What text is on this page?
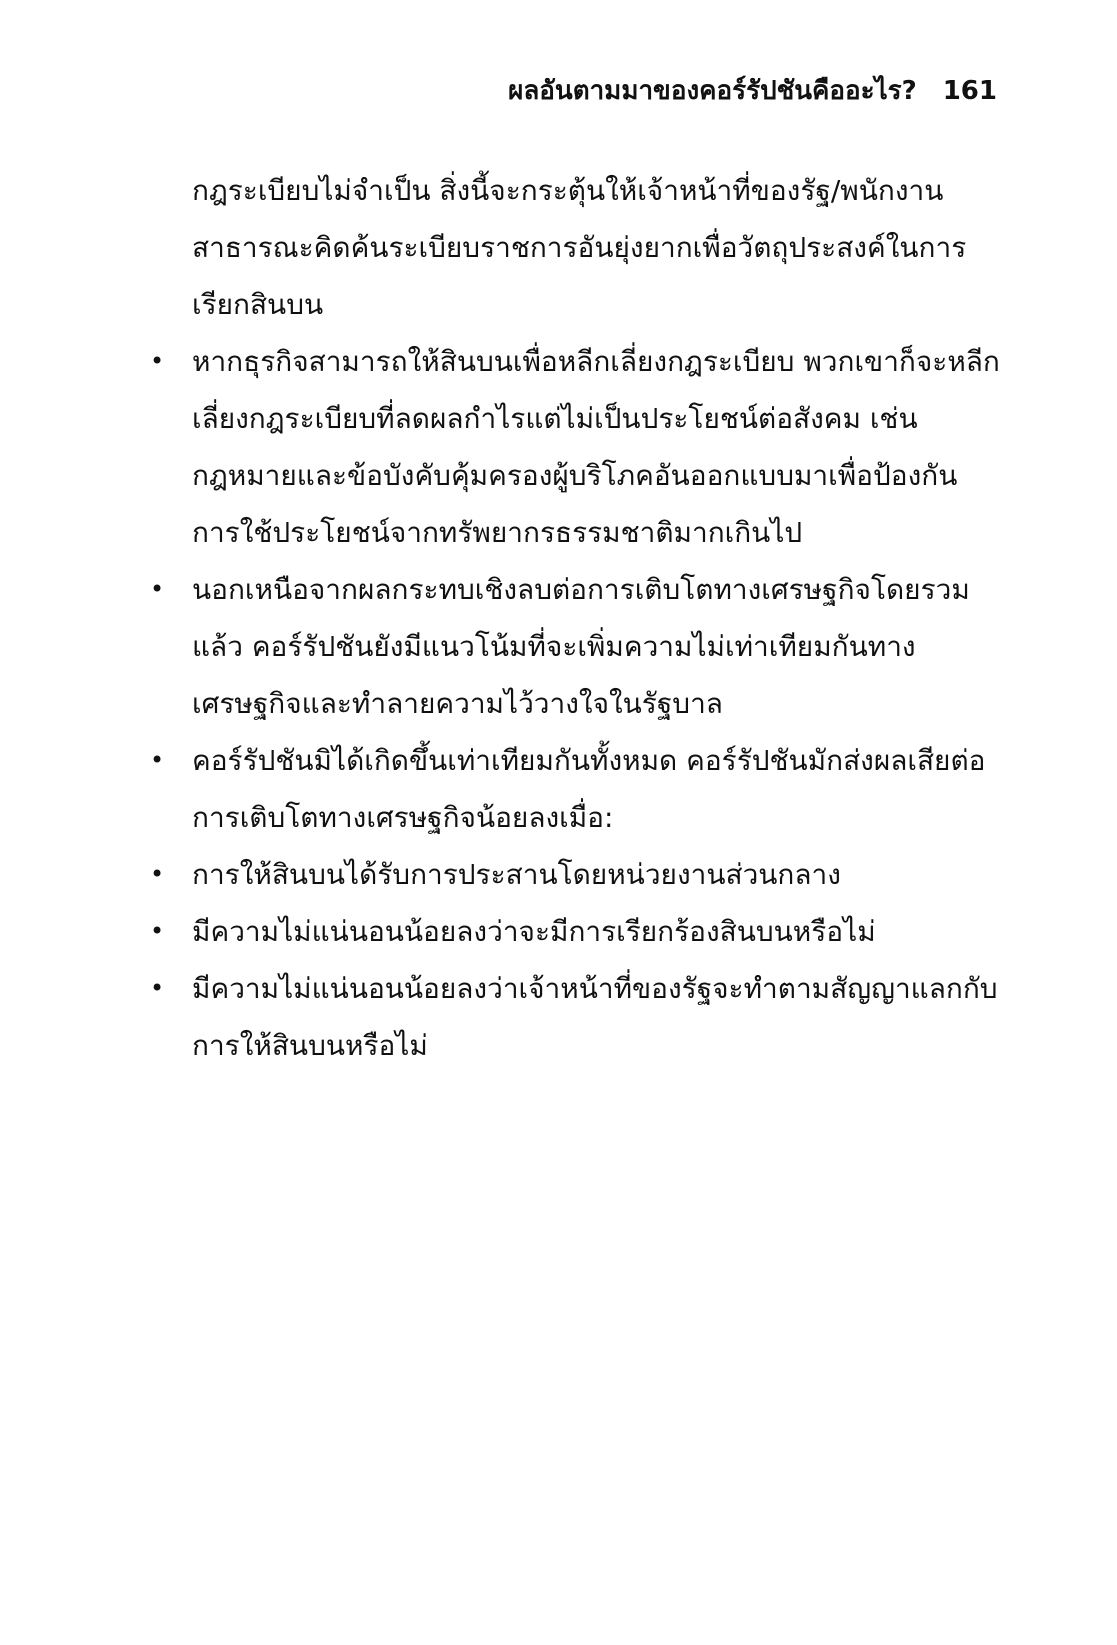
ผลอันตามมาของคอร์รัปชันคืออะไร? 161

กฎระเบียบไม่จำเป็น สิ่งนี้จะกระตุ้นให้เจ้าหน้าที่ของรัฐ/พนักงานสาธารณะคิดค้นระเบียบราชการอันยุ่งยากเพื่อวัตถุประสงค์ในการเรียกสินบน

• หากธุรกิจสามารถให้สินบนเพื่อหลีกเลี่ยงกฎระเบียบ พวกเขาก็จะหลีกเลี่ยงกฎระเบียบที่ลดผลกำไรแต่ไม่เป็นประโยชน์ต่อสังคม เช่น กฎหมายและข้อบังคับคุ้มครองผู้บริโภคอันออกแบบมาเพื่อป้องกันการใช้ประโยชน์จากทรัพยากรธรรมชาติมากเกินไป

• นอกเหนือจากผลกระทบเชิงลบต่อการเติบโตทางเศรษฐกิจโดยรวมแล้ว คอร์รัปชันยังมีแนวโน้มที่จะเพิ่มความไม่เท่าเทียมกันทางเศรษฐกิจและทำลายความไว้วางใจในรัฐบาล

• คอร์รัปชันมิได้เกิดขึ้นเท่าเทียมกันทั้งหมด คอร์รัปชันมักส่งผลเสียต่อการเติบโตทางเศรษฐกิจน้อยลงเมื่อ:

• การให้สินบนได้รับการประสานโดยหน่วยงานส่วนกลาง

• มีความไม่แน่นอนน้อยลงว่าจะมีการเรียกร้องสินบนหรือไม่

• มีความไม่แน่นอนน้อยลงว่าเจ้าหน้าที่ของรัฐจะทำตามสัญญาแลกกับการให้สินบนหรือไม่
